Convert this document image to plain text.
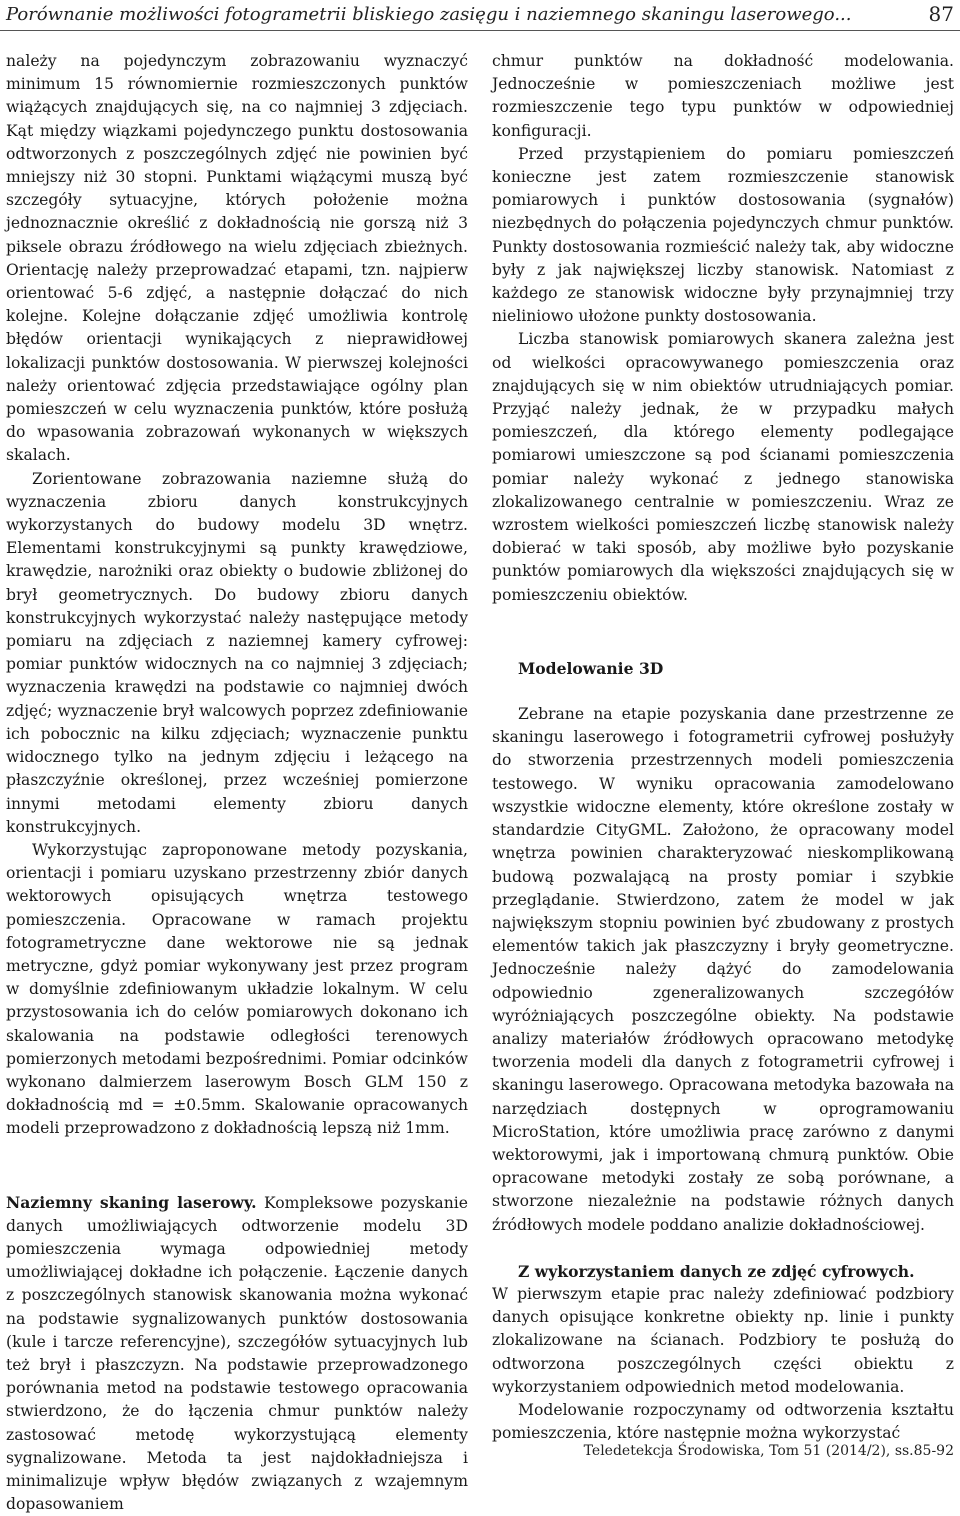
Porównanie możliwości fotogrametrii bliskiego zasięgu i naziemnego skaningu laserowego...	87

należy na pojedynczym zobrazowaniu wyznaczyć minimum 15 równomiernie rozmieszczonych punktów wiążących znajdujących się, na co najmniej 3 zdjęciach. Kąt między wiązkami pojedynczego punktu dostosowania odtworzonych z poszczególnych zdjęć nie powinien być mniejszy niż 30 stopni. Punktami wiążącymi muszą być szczegóły sytuacyjne, których położenie można jednoznacznie określić z dokładnością nie gorszą niż 3 piksele obrazu źródłowego na wielu zdjęciach zbieżnych. Orientację należy przeprowadzać etapami, tzn. najpierw orientować 5-6 zdjęć, a następnie dołączać do nich kolejne. Kolejne dołączanie zdjęć umożliwia kontrolę błędów orientacji wynikających z nieprawidłowej lokalizacji punktów dostosowania. W pierwszej kolejności należy orientować zdjęcia przedstawiające ogólny plan pomieszczeń w celu wyznaczenia punktów, które posłużą do wpasowania zobrazowań wykonanych w większych skalach.

Zorientowane zobrazowania naziemne służą do wyznaczenia zbioru danych konstrukcyjnych wykorzystanych do budowy modelu 3D wnętrz. Elementami konstrukcyjnymi są punkty krawędziowe, krawędzie, narożniki oraz obiekty o budowie zbliżonej do brył geometrycznych. Do budowy zbioru danych konstrukcyjnych wykorzystać należy następujące metody pomiaru na zdjęciach z naziemnej kamery cyfrowej: pomiar punktów widocznych na co najmniej 3 zdjęciach; wyznaczenia krawędzi na podstawie co najmniej dwóch zdjęć; wyznaczenie brył walcowych poprzez zdefiniowanie ich pobocznic na kilku zdjęciach; wyznaczenie punktu widocznego tylko na jednym zdjęciu i leżącego na płaszczyźnie określonej, przez wcześniej pomierzone innymi metodami elementy zbioru danych konstrukcyjnych.

Wykorzystując zaproponowane metody pozyskania, orientacji i pomiaru uzyskano przestrzenny zbiór danych wektorowych opisujących wnętrza testowego pomieszczenia. Opracowane w ramach projektu fotogrametryczne dane wektorowe nie są jednak metryczne, gdyż pomiar wykonywany jest przez program w domyślnie zdefiniowanym układzie lokalnym. W celu przystosowania ich do celów pomiarowych dokonano ich skalowania na podstawie odległości terenowych pomierzonych metodami bezpośrednimi. Pomiar odcinków wykonano dalmierzem laserowym Bosch GLM 150 z dokładnością md = ±0.5mm. Skalowanie opracowanych modeli przeprowadzono z dokładnością lepszą niż 1mm.

Naziemny skaning laserowy. Kompleksowe pozyskanie danych umożliwiających odtworzenie modelu 3D pomieszczenia wymaga odpowiedniej metody umożliwiającej dokładne ich połączenie. Łączenie danych z poszczególnych stanowisk skanowania można wykonać na podstawie sygnalizowanych punktów dostosowania (kule i tarcze referencyjne), szczegółów sytuacyjnych lub też brył i płaszczyzn. Na podstawie przeprowadzonego porównania metod na podstawie testowego opracowania stwierdzono, że do łączenia chmur punktów należy zastosować metodę wykorzystującą elementy sygnalizowane. Metoda ta jest najdokładniejsza i minimalizuje wpływ błędów związanych z wzajemnym dopasowaniem

chmur punktów na dokładność modelowania. Jednocześnie w pomieszczeniach możliwe jest rozmieszczenie tego typu punktów w odpowiedniej konfiguracji.

Przed przystąpieniem do pomiaru pomieszczeń konieczne jest zatem rozmieszczenie stanowisk pomiarowych i punktów dostosowania (sygnałów) niezbędnych do połączenia pojedynczych chmur punktów. Punkty dostosowania rozmieścić należy tak, aby widoczne były z jak największej liczby stanowisk. Natomiast z każdego ze stanowisk widoczne były przynajmniej trzy nieliniowo ułożone punkty dostosowania.

Liczba stanowisk pomiarowych skanera zależna jest od wielkości opracowywanego pomieszczenia oraz znajdujących się w nim obiektów utrudniających pomiar. Przyjąć należy jednak, że w przypadku małych pomieszczeń, dla którego elementy podlegające pomiarowi umieszczone są pod ścianami pomieszczenia pomiar należy wykonać z jednego stanowiska zlokalizowanego centralnie w pomieszczeniu. Wraz ze wzrostem wielkości pomieszczeń liczbę stanowisk należy dobierać w taki sposób, aby możliwe było pozyskanie punktów pomiarowych dla większości znajdujących się w pomieszczeniu obiektów.

Modelowanie 3D

Zebrane na etapie pozyskania dane przestrzenne ze skaningu laserowego i fotogrametrii cyfrowej posłużyły do stworzenia przestrzennych modeli pomieszczenia testowego. W wyniku opracowania zamodelowano wszystkie widoczne elementy, które określone zostały w standardzie CityGML. Założono, że opracowany model wnętrza powinien charakteryzować nieskomplikowaną budową pozwalającą na prosty pomiar i szybkie przeglądanie. Stwierdzono, zatem że model w jak największym stopniu powinien być zbudowany z prostych elementów takich jak płaszczyzny i bryły geometryczne. Jednocześnie należy dążyć do zamodelowania odpowiednio zgeneralizowanych szczegółów wyróżniających poszczególne obiekty. Na podstawie analizy materiałów źródłowych opracowano metodykę tworzenia modeli dla danych z fotogrametrii cyfrowej i skaningu laserowego. Opracowana metodyka bazowała na narzędziach dostępnych w oprogramowaniu MicroStation, które umożliwia pracę zarówno z danymi wektorowymi, jak i importowaną chmurą punktów. Obie opracowane metodyki zostały ze sobą porównane, a stworzone niezależnie na podstawie różnych danych źródłowych modele poddano analizie dokładnościowej.

Z wykorzystaniem danych ze zdjęć cyfrowych.

W pierwszym etapie prac należy zdefiniować podzbiory danych opisujące konkretne obiekty np. linie i punkty zlokalizowane na ścianach. Podzbiory te posłużą do odtworzona poszczególnych części obiektu z wykorzystaniem odpowiednich metod modelowania.

Modelowanie rozpoczynamy od odtworzenia kształtu pomieszczenia, które następnie można wykorzystać

Teledetekcja Środowiska, Tom 51 (2014/2), ss.85-92
